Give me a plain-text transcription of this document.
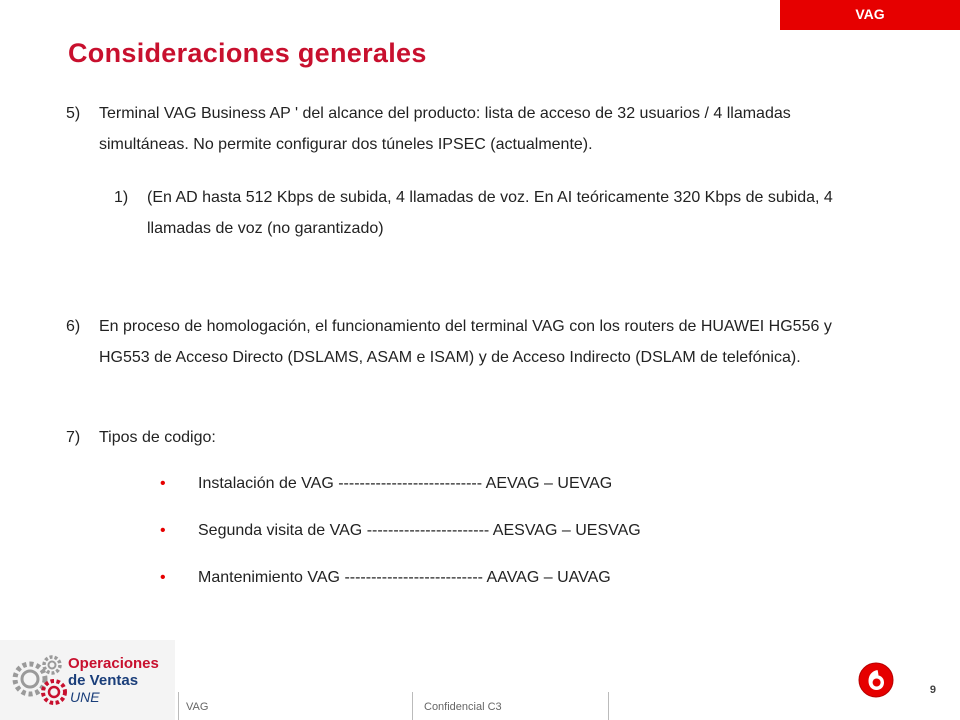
VAG
Consideraciones generales
5) Terminal VAG Business AP ' del alcance del producto: lista de acceso de 32 usuarios / 4 llamadas simultáneas. No permite configurar dos túneles IPSEC (actualmente).
1) (En AD hasta 512 Kbps de subida, 4 llamadas de voz. En AI teóricamente 320 Kbps de subida, 4 llamadas de voz (no garantizado)
6) En proceso de homologación, el funcionamiento del terminal VAG con los routers de HUAWEI HG556 y HG553 de Acceso Directo (DSLAMS, ASAM e ISAM) y de Acceso Indirecto (DSLAM de telefónica).
7) Tipos de codigo:
• Instalación de VAG --------------------------- AEVAG – UEVAG
• Segunda visita de VAG ----------------------- AESVAG – UESVAG
• Mantenimiento VAG -------------------------- AAVAG – UAVAG
Operaciones
de Ventas
UNE
VAG	Confidencial C3
9
